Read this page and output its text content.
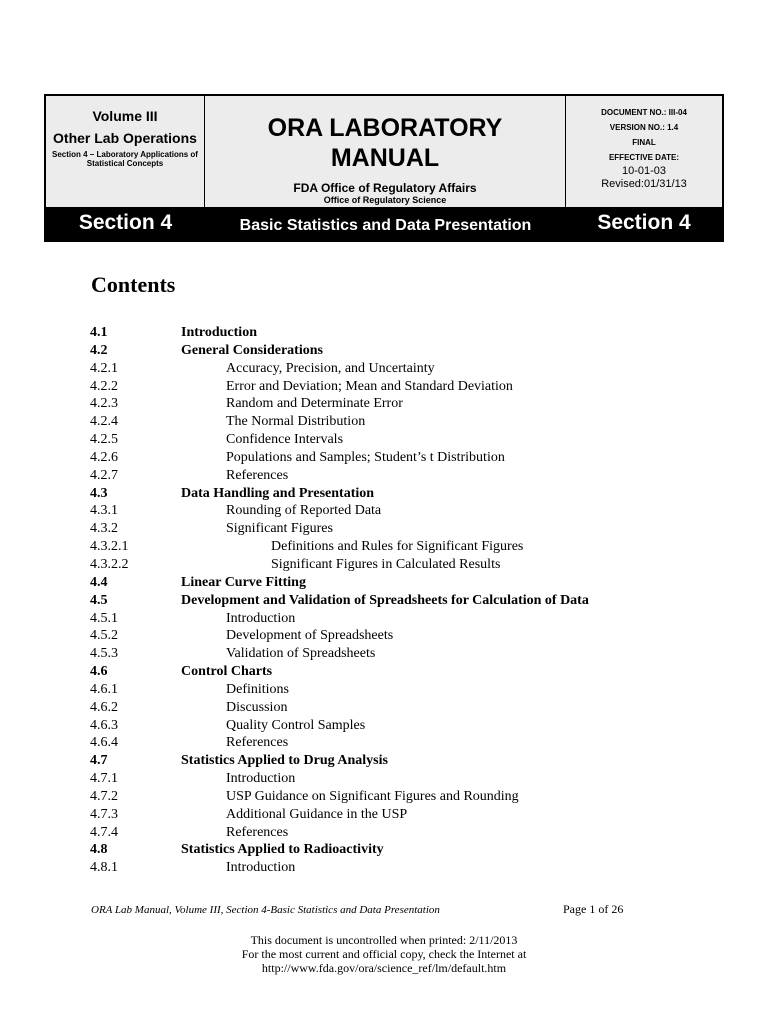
Volume III
Other Lab Operations
Section 4 – Laboratory Applications of
Statistical Concepts
ORA LABORATORY
MANUAL
FDA Office of Regulatory Affairs
Office of Regulatory Science
DOCUMENT NO.: III-04
VERSION NO.: 1.4
FINAL
EFFECTIVE DATE:
10-01-03
Revised:01/31/13
Section 4	Basic Statistics and Data Presentation	Section 4
Contents
4.1	Introduction
4.2	General Considerations
4.2.1	Accuracy, Precision, and Uncertainty
4.2.2	Error and Deviation; Mean and Standard Deviation
4.2.3	Random and Determinate Error
4.2.4	The Normal Distribution
4.2.5	Confidence Intervals
4.2.6	Populations and Samples; Student’s t Distribution
4.2.7	References
4.3	Data Handling and Presentation
4.3.1	Rounding of Reported Data
4.3.2	Significant Figures
4.3.2.1	Definitions and Rules for Significant Figures
4.3.2.2	Significant Figures in Calculated Results
4.4	Linear Curve Fitting
4.5	Development and Validation of Spreadsheets for Calculation of Data
4.5.1	Introduction
4.5.2	Development of Spreadsheets
4.5.3	Validation of Spreadsheets
4.6	Control Charts
4.6.1	Definitions
4.6.2	Discussion
4.6.3	Quality Control Samples
4.6.4	References
4.7	Statistics Applied to Drug Analysis
4.7.1	Introduction
4.7.2	USP Guidance on Significant Figures and Rounding
4.7.3	Additional Guidance in the USP
4.7.4	References
4.8	Statistics Applied to Radioactivity
4.8.1	Introduction
ORA Lab Manual, Volume III, Section 4-Basic Statistics and Data Presentation	Page 1 of 26
This document is uncontrolled when printed: 2/11/2013
For the most current and official copy, check the Internet at
http://www.fda.gov/ora/science_ref/lm/default.htm
